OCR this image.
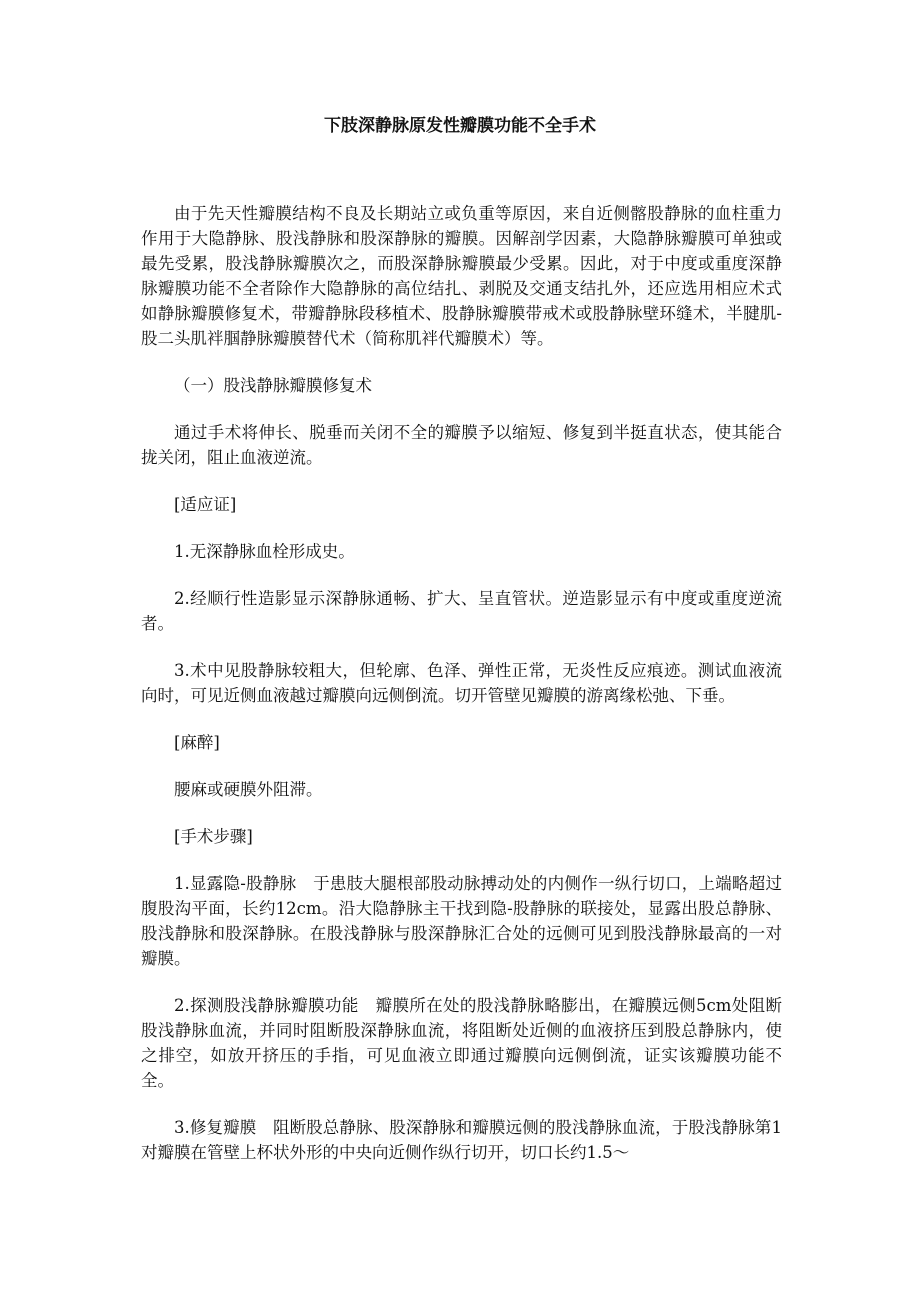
下肢深静脉原发性瓣膜功能不全手术

由于先天性瓣膜结构不良及长期站立或负重等原因，来自近侧髂股静脉的血柱重力作用于大隐静脉、股浅静脉和股深静脉的瓣膜。因解剖学因素，大隐静脉瓣膜可单独或最先受累，股浅静脉瓣膜次之，而股深静脉瓣膜最少受累。因此，对于中度或重度深静脉瓣膜功能不全者除作大隐静脉的高位结扎、剥脱及交通支结扎外，还应选用相应术式如静脉瓣膜修复术，带瓣静脉段移植术、股静脉瓣膜带戒术或股静脉壁环缝术，半腱肌-股二头肌袢腘静脉瓣膜替代术（简称肌袢代瓣膜术）等。

（一）股浅静脉瓣膜修复术

通过手术将伸长、脱垂而关闭不全的瓣膜予以缩短、修复到半挺直状态，使其能合拢关闭，阻止血液逆流。

[适应证]

1.无深静脉血栓形成史。

2.经顺行性造影显示深静脉通畅、扩大、呈直管状。逆造影显示有中度或重度逆流者。

3.术中见股静脉较粗大，但轮廓、色泽、弹性正常，无炎性反应痕迹。测试血液流向时，可见近侧血液越过瓣膜向远侧倒流。切开管壁见瓣膜的游离缘松弛、下垂。

[麻醉]

腰麻或硬膜外阻滞。

[手术步骤]

1.显露隐-股静脉　于患肢大腿根部股动脉搏动处的内侧作一纵行切口，上端略超过腹股沟平面，长约12cm。沿大隐静脉主干找到隐-股静脉的联接处，显露出股总静脉、股浅静脉和股深静脉。在股浅静脉与股深静脉汇合处的远侧可见到股浅静脉最高的一对瓣膜。

2.探测股浅静脉瓣膜功能　瓣膜所在处的股浅静脉略膨出，在瓣膜远侧5cm处阻断股浅静脉血流，并同时阻断股深静脉血流，将阻断处近侧的血液挤压到股总静脉内，使之排空，如放开挤压的手指，可见血液立即通过瓣膜向远侧倒流，证实该瓣膜功能不全。

3.修复瓣膜　阻断股总静脉、股深静脉和瓣膜远侧的股浅静脉血流，于股浅静脉第1对瓣膜在管壁上杯状外形的中央向近侧作纵行切开，切口长约1.5～
